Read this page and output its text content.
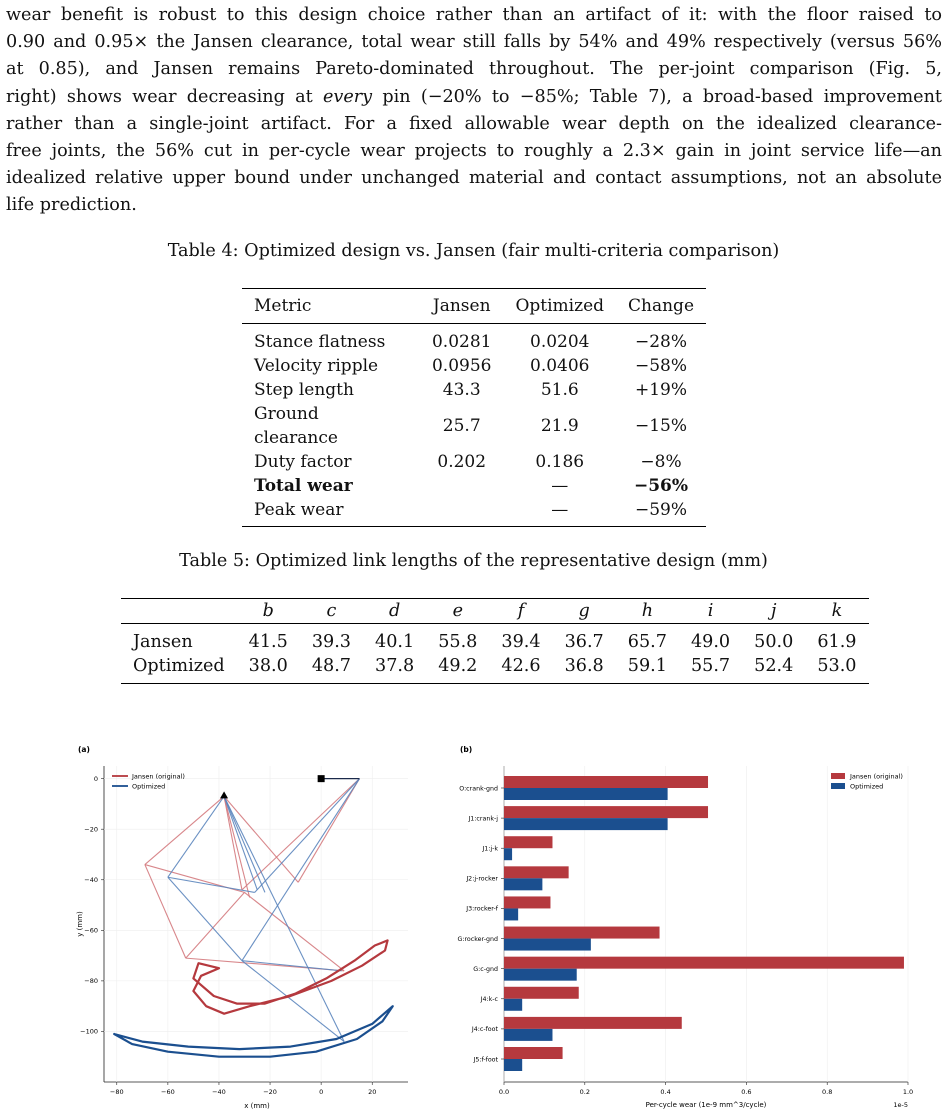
wear benefit is robust to this design choice rather than an artifact of it: with the floor raised to
0.90 and 0.95× the Jansen clearance, total wear still falls by 54% and 49% respectively (versus 56%
at 0.85), and Jansen remains Pareto-dominated throughout. The per-joint comparison (Fig. 5,
right) shows wear decreasing at every pin (−20% to −85%; Table 7), a broad-based improvement
rather than a single-joint artifact. For a fixed allowable wear depth on the idealized clearance-
free joints, the 56% cut in per-cycle wear projects to roughly a 2.3× gain in joint service life—an
idealized relative upper bound under unchanged material and contact assumptions, not an absolute
life prediction.
Table 4: Optimized design vs. Jansen (fair multi-criteria comparison)
Metric	Jansen	Optimized	Change
Stance flatness	0.0281	0.0204	−28%
Velocity ripple	0.0956	0.0406	−58%
Step length	43.3	51.6	+19%
Ground clearance	25.7	21.9	−15%
Duty factor	0.202	0.186	−8%
Total wear		—	−56%
Peak wear		—	−59%
Table 5: Optimized link lengths of the representative design (mm)
	b	c	d	e	f	g	h	i	j	k
Jansen	41.5	39.3	40.1	55.8	39.4	36.7	65.7	49.0	50.0	61.9
Optimized	38.0	48.7	37.8	49.2	42.6	36.8	59.1	55.7	52.4	53.0
(a)
−80	−60	−40	−20	0	20
0
−20
−40
−60
−80
−100
x (mm)
y (mm)
Jansen (original)
Optimized
(b)
0.0	0.2	0.4	0.6	0.8	1.0
O:crank-gnd
J1:crank-j
J1:j-k
J2:j-rocker
J3:rocker-f
G:rocker-gnd
G:c-gnd
J4:k-c
J4:c-foot
J5:f-foot
Per-cycle wear (1e-9 mm^3/cycle)	1e-5
Jansen (original)
Optimized
